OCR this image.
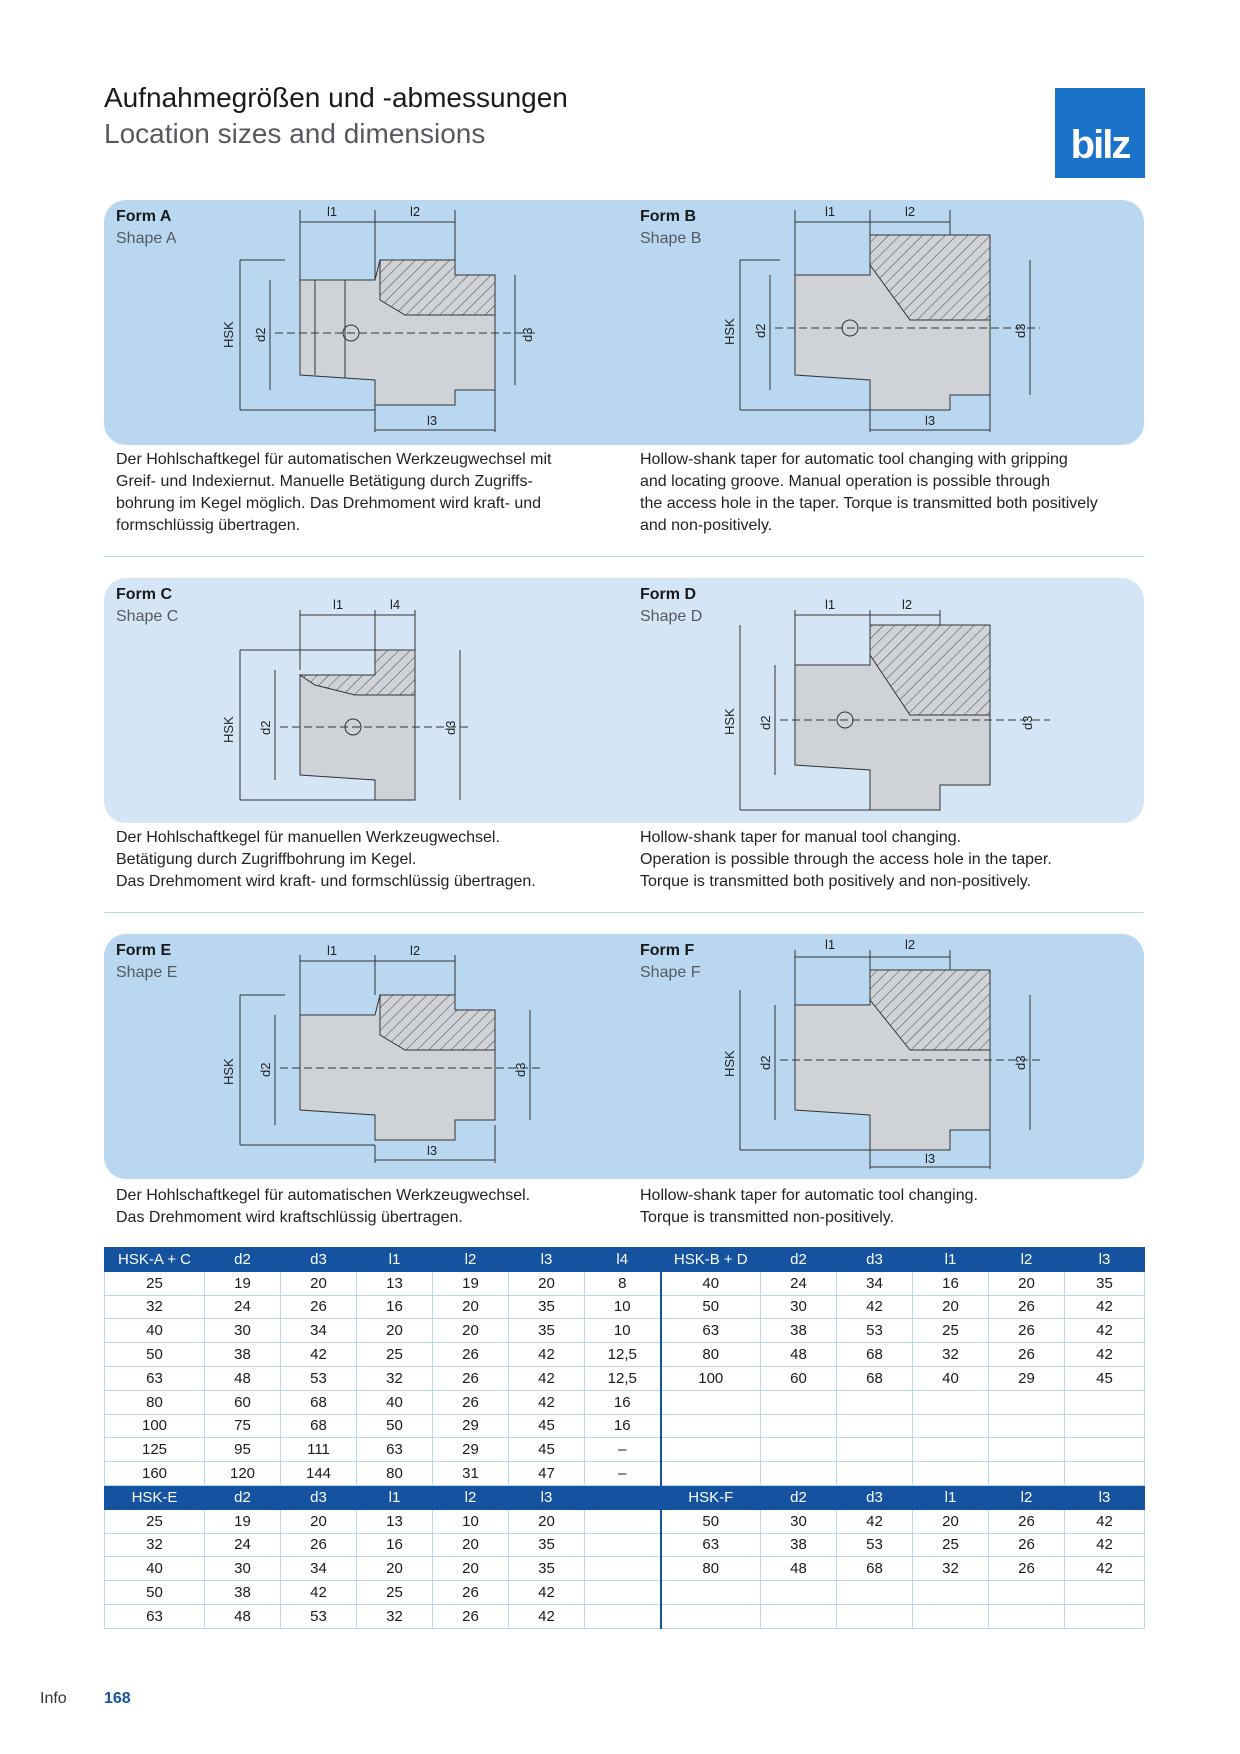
Aufnahmegrößen und -abmessungen
Location sizes and dimensions	bilz
Form A
Shape A
Form B
Shape B
l1	l2
l3
HSK d2	d3
l1	l2
l3
HSK d2	d3
Der Hohlschaftkegel für automatischen Werkzeugwechsel mit
Greif- und Indexiernut. Manuelle Betätigung durch Zugriffs-
bohrung im Kegel möglich. Das Drehmoment wird kraft- und
formschlüssig übertragen.
Hollow-shank taper for automatic tool changing with gripping
and locating groove. Manual operation is possible through
the access hole in the taper. Torque is transmitted both positively
and non-positively.
Form C
Shape C
Form D
Shape D
l1	l4
HSK d2	d3
l1	l2
HSK d2	d3
Der Hohlschaftkegel für manuellen Werkzeugwechsel.
Betätigung durch Zugriffbohrung im Kegel.
Das Drehmoment wird kraft- und formschlüssig übertragen.
Hollow-shank taper for manual tool changing.
Operation is possible through the access hole in the taper.
Torque is transmitted both positively and non-positively.
Form E
Shape E
Form F
Shape F
l1	l2
l3
HSK d2	d3
l1	l2
l3
HSK d2	d3
Der Hohlschaftkegel für automatischen Werkzeugwechsel.
Das Drehmoment wird kraftschlüssig übertragen.
Hollow-shank taper for automatic tool changing.
Torque is transmitted non-positively.
HSK-A + C	d2	d3	l1	l2	l3	l4	HSK-B + D	d2	d3	l1	l2	l3
25	19	20	13	19	20	8	40	24	34	16	20	35
32	24	26	16	20	35	10	50	30	42	20	26	42
40	30	34	20	20	35	10	63	38	53	25	26	42
50	38	42	25	26	42	12,5	80	48	68	32	26	42
63	48	53	32	26	42	12,5	100	60	68	40	29	45
80	60	68	40	26	42	16						
100	75	68	50	29	45	16						
125	95	111	63	29	45	–						
160	120	144	80	31	47	–						
HSK-E	d2	d3	l1	l2	l3		HSK-F	d2	d3	l1	l2	l3
25	19	20	13	10	20		50	30	42	20	26	42
32	24	26	16	20	35		63	38	53	25	26	42
40	30	34	20	20	35		80	48	68	32	26	42
50	38	42	25	26	42							
63	48	53	32	26	42							
Info 168
